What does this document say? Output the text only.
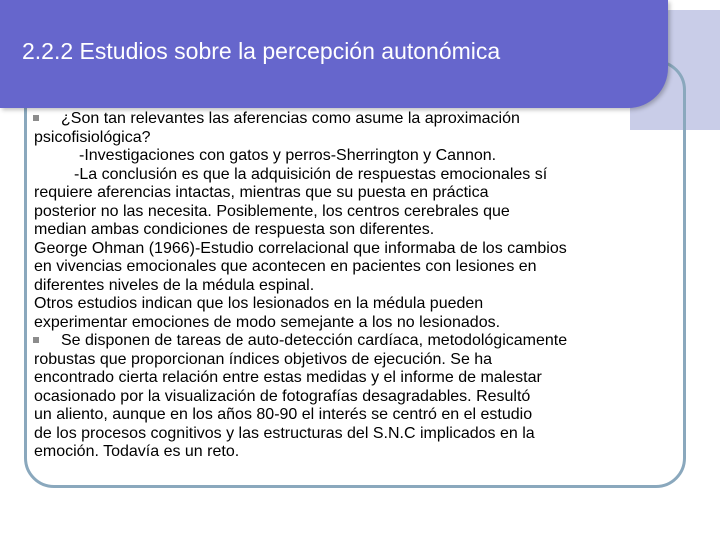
2.2.2 Estudios sobre la percepción autonómica
¿Son tan relevantes las aferencias como asume la aproximación
psicofisiológica?
-Investigaciones con gatos y perros-Sherrington y Cannon.
-La conclusión es que la adquisición de respuestas emocionales sí
requiere aferencias intactas, mientras que su puesta en práctica
posterior no las necesita. Posiblemente, los centros cerebrales que
median ambas condiciones de respuesta son diferentes.
George Ohman (1966)-Estudio correlacional que informaba de los cambios
en vivencias emocionales que acontecen en pacientes con lesiones en
diferentes niveles de la médula espinal.
Otros estudios indican que los lesionados en la médula pueden
experimentar emociones de modo semejante a los no lesionados.
Se disponen de tareas de auto-detección cardíaca, metodológicamente
robustas que proporcionan índices objetivos de ejecución. Se ha
encontrado cierta relación entre estas medidas y el informe de malestar
ocasionado por la visualización de fotografías desagradables. Resultó
un aliento, aunque en los años 80-90 el interés se centró en el estudio
de los procesos cognitivos y las estructuras del S.N.C implicados en la
emoción. Todavía es un reto.
